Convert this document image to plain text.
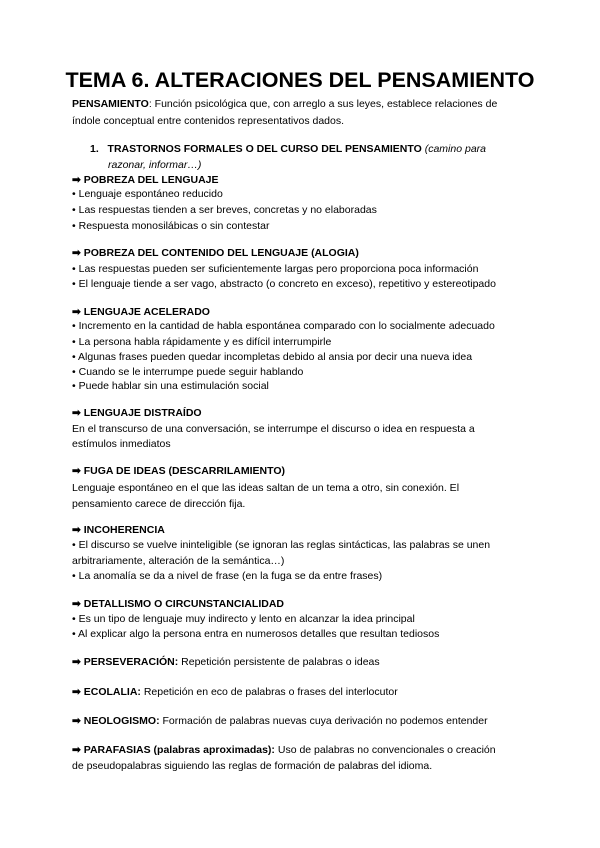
TEMA 6. ALTERACIONES DEL PENSAMIENTO
PENSAMIENTO: Función psicológica que, con arreglo a sus leyes, establece relaciones de
índole conceptual entre contenidos representativos dados.
1. TRASTORNOS FORMALES O DEL CURSO DEL PENSAMIENTO (camino para
razonar, informar…)
➡ POBREZA DEL LENGUAJE
• Lenguaje espontáneo reducido
• Las respuestas tienden a ser breves, concretas y no elaboradas
• Respuesta monosilábicas o sin contestar
➡ POBREZA DEL CONTENIDO DEL LENGUAJE (ALOGIA)
• Las respuestas pueden ser suficientemente largas pero proporciona poca información
• El lenguaje tiende a ser vago, abstracto (o concreto en exceso), repetitivo y estereotipado
➡ LENGUAJE ACELERADO
• Incremento en la cantidad de habla espontánea comparado con lo socialmente adecuado
• La persona habla rápidamente y es difícil interrumpirle
• Algunas frases pueden quedar incompletas debido al ansia por decir una nueva idea
• Cuando se le interrumpe puede seguir hablando
• Puede hablar sin una estimulación social
➡ LENGUAJE DISTRAÍDO
En el transcurso de una conversación, se interrumpe el discurso o idea en respuesta a
estímulos inmediatos
➡ FUGA DE IDEAS (DESCARRILAMIENTO)
Lenguaje espontáneo en el que las ideas saltan de un tema a otro, sin conexión. El
pensamiento carece de dirección fija.
➡ INCOHERENCIA
• El discurso se vuelve ininteligible (se ignoran las reglas sintácticas, las palabras se unen
arbitrariamente, alteración de la semántica…)
• La anomalía se da a nivel de frase (en la fuga se da entre frases)
➡ DETALLISMO O CIRCUNSTANCIALIDAD
• Es un tipo de lenguaje muy indirecto y lento en alcanzar la idea principal
• Al explicar algo la persona entra en numerosos detalles que resultan tediosos
➡ PERSEVERACIÓN: Repetición persistente de palabras o ideas
➡ ECOLALIA: Repetición en eco de palabras o frases del interlocutor
➡ NEOLOGISMO: Formación de palabras nuevas cuya derivación no podemos entender
➡ PARAFASIAS (palabras aproximadas): Uso de palabras no convencionales o creación
de pseudopalabras siguiendo las reglas de formación de palabras del idioma.
